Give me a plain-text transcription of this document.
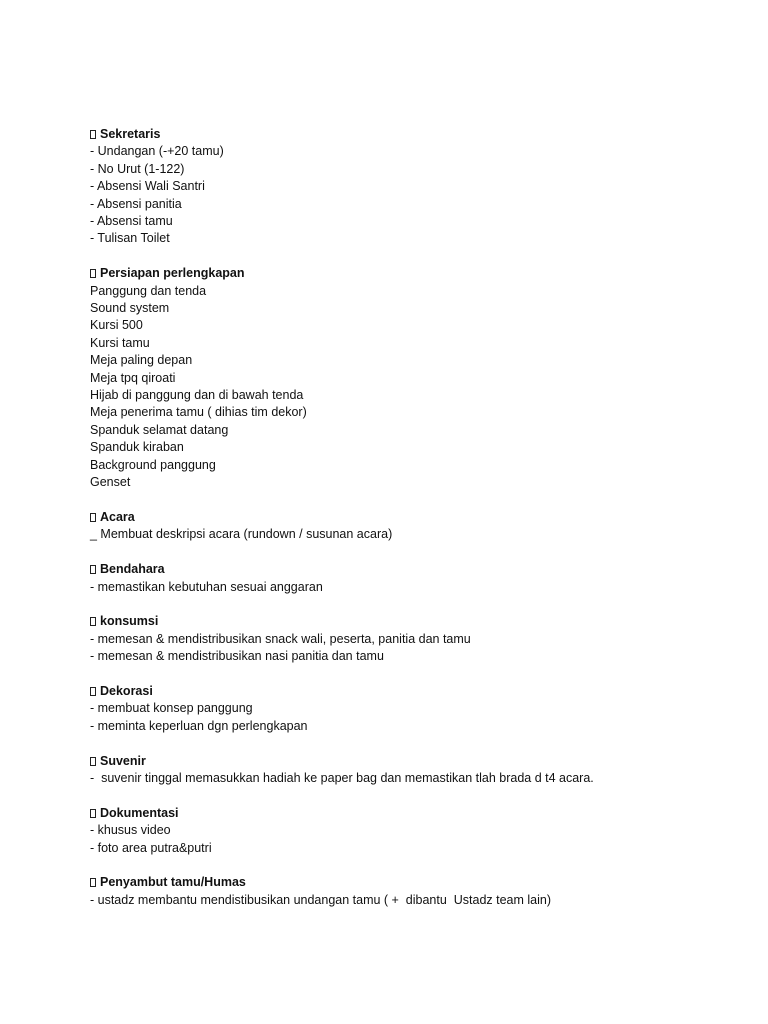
Sekretaris
- Undangan (-+20 tamu)
- No Urut (1-122)
- Absensi Wali Santri
- Absensi panitia
- Absensi tamu
- Tulisan Toilet
Persiapan perlengkapan
Panggung dan tenda
Sound system
Kursi 500
Kursi tamu
Meja paling depan
Meja tpq qiroati
Hijab di panggung dan di bawah tenda
Meja penerima tamu ( dihias tim dekor)
Spanduk selamat datang
Spanduk kiraban
Background panggung
Genset
Acara
_ Membuat deskripsi acara (rundown / susunan acara)
Bendahara
- memastikan kebutuhan sesuai anggaran
konsumsi
- memesan & mendistribusikan snack wali, peserta, panitia dan tamu
- memesan & mendistribusikan nasi panitia dan tamu
Dekorasi
- membuat konsep panggung
- meminta keperluan dgn perlengkapan
Suvenir
-  suvenir tinggal memasukkan hadiah ke paper bag dan memastikan tlah brada d t4 acara.
Dokumentasi
- khusus video
- foto area putra&putri
Penyambut tamu/Humas
- ustadz membantu mendistibusikan undangan tamu ( +  dibantu  Ustadz team lain)
